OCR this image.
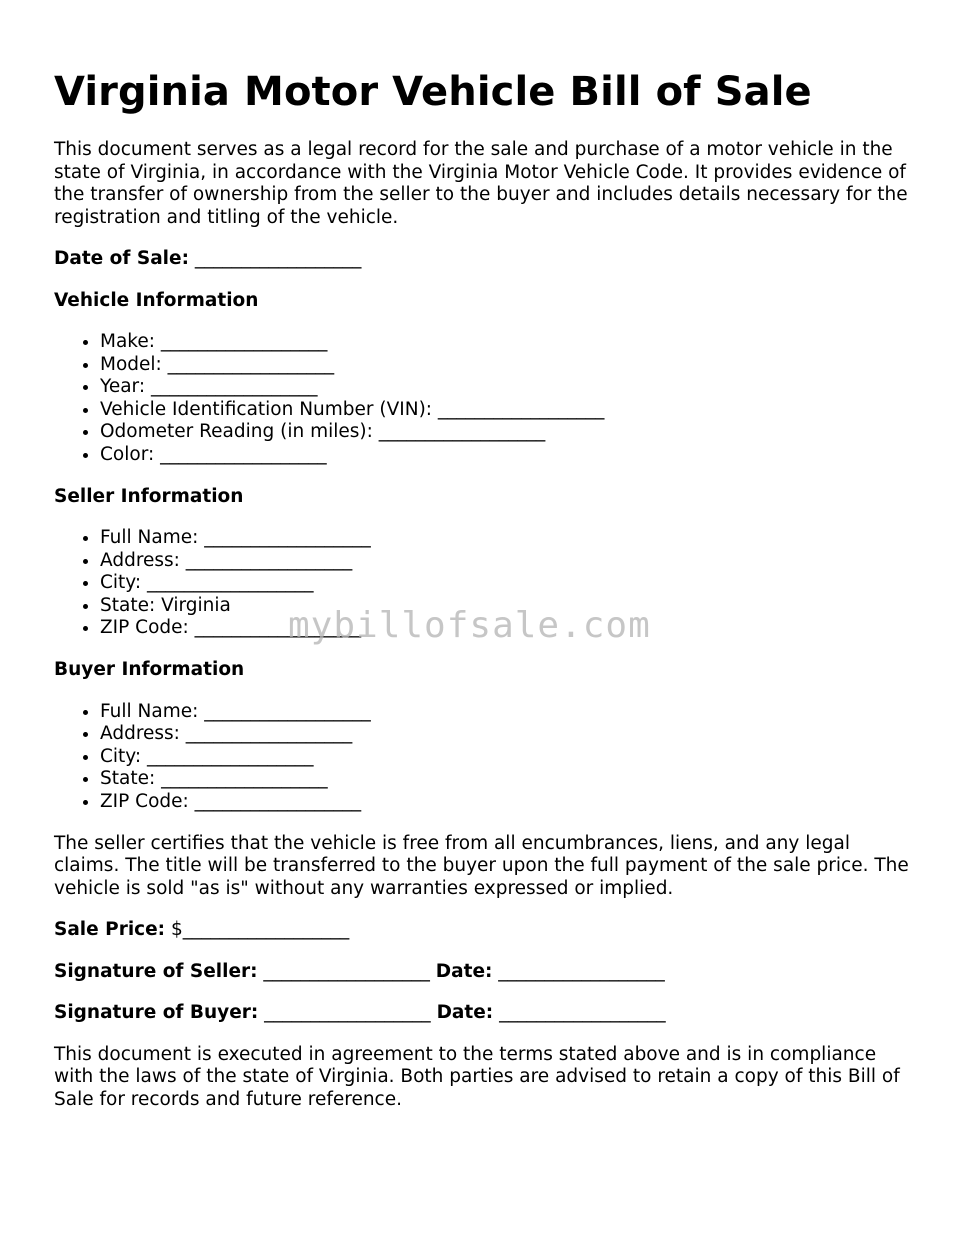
Virginia Motor Vehicle Bill of Sale

This document serves as a legal record for the sale and purchase of a motor vehicle in the state of Virginia, in accordance with the Virginia Motor Vehicle Code. It provides evidence of the transfer of ownership from the seller to the buyer and includes details necessary for the registration and titling of the vehicle.

Date of Sale: __________________
Vehicle Information
• Make: __________________
• Model: __________________
• Year: __________________
• Vehicle Identification Number (VIN): __________________
• Odometer Reading (in miles): __________________
• Color: __________________
Seller Information
• Full Name: __________________
• Address: __________________
• City: __________________
• State: Virginia
• ZIP Code: __________________
Buyer Information
• Full Name: __________________
• Address: __________________
• City: __________________
• State: __________________
• ZIP Code: __________________

The seller certifies that the vehicle is free from all encumbrances, liens, and any legal claims. The title will be transferred to the buyer upon the full payment of the sale price. The vehicle is sold "as is" without any warranties expressed or implied.

Sale Price: $__________________
Signature of Seller: __________________ Date: __________________
Signature of Buyer: __________________ Date: __________________

This document is executed in agreement to the terms stated above and is in compliance with the laws of the state of Virginia. Both parties are advised to retain a copy of this Bill of Sale for records and future reference.

mybillofsale.com
